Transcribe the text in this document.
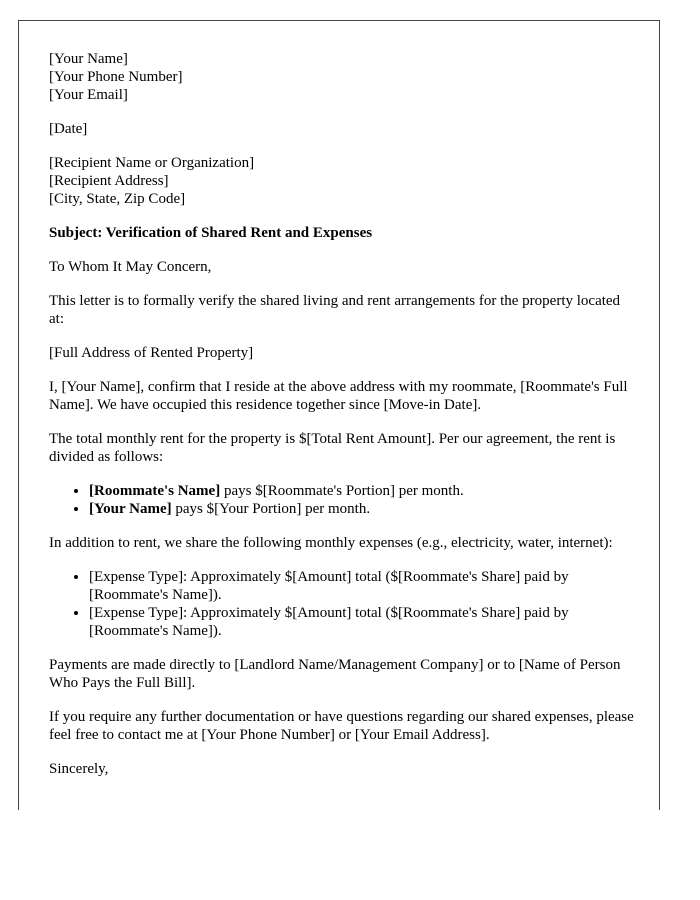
[Your Name]
[Your Phone Number]
[Your Email]
[Date]
[Recipient Name or Organization]
[Recipient Address]
[City, State, Zip Code]
Subject: Verification of Shared Rent and Expenses

To Whom It May Concern,

This letter is to formally verify the shared living and rent arrangements for the property located at:

[Full Address of Rented Property]

I, [Your Name], confirm that I reside at the above address with my roommate, [Roommate's Full Name]. We have occupied this residence together since [Move-in Date].

The total monthly rent for the property is $[Total Rent Amount]. Per our agreement, the rent is divided as follows:

• [Roommate's Name] pays $[Roommate's Portion] per month.
• [Your Name] pays $[Your Portion] per month.

In addition to rent, we share the following monthly expenses (e.g., electricity, water, internet):

• [Expense Type]: Approximately $[Amount] total ($[Roommate's Share] paid by [Roommate's Name]).
• [Expense Type]: Approximately $[Amount] total ($[Roommate's Share] paid by [Roommate's Name]).

Payments are made directly to [Landlord Name/Management Company] or to [Name of Person Who Pays the Full Bill].

If you require any further documentation or have questions regarding our shared expenses, please feel free to contact me at [Your Phone Number] or [Your Email Address].

Sincerely,
